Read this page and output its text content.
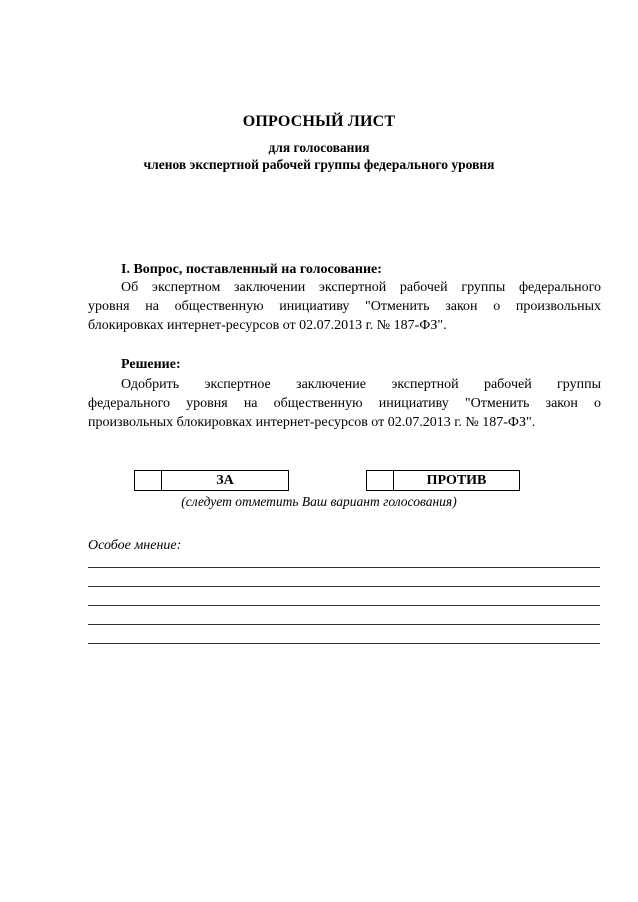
ОПРОСНЫЙ ЛИСТ
для голосования
членов экспертной рабочей группы федерального уровня
I. Вопрос, поставленный на голосование:
Об экспертном заключении экспертной рабочей группы федерального
уровня на общественную инициативу "Отменить закон о произвольных
блокировках интернет-ресурсов от 02.07.2013 г. № 187-ФЗ".
Решение:
Одобрить экспертное заключение экспертной рабочей группы
федерального уровня на общественную инициативу "Отменить закон о
произвольных блокировках интернет-ресурсов от 02.07.2013 г. № 187-ФЗ".
ЗА	ПРОТИВ
(следует отметить Ваш вариант голосования)
Особое мнение:
